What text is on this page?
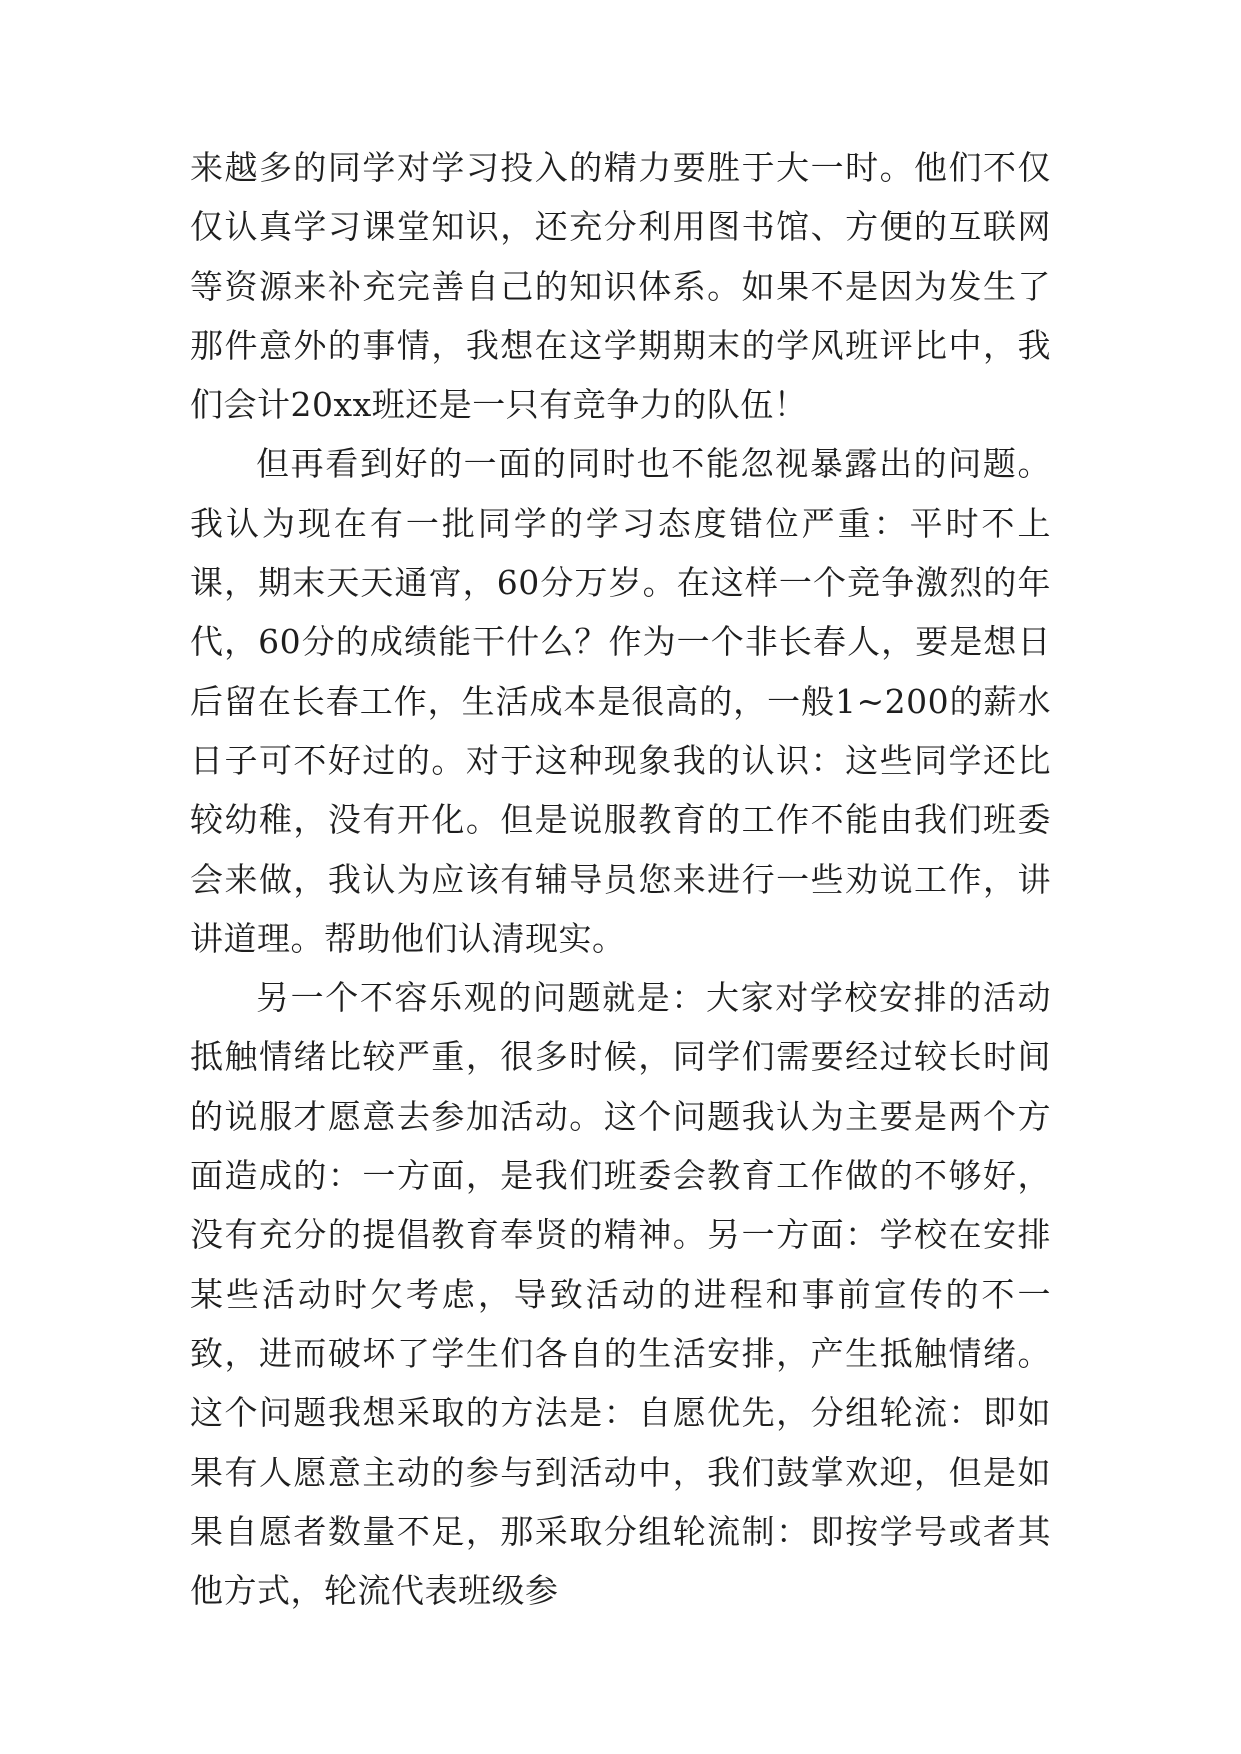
来越多的同学对学习投入的精力要胜于大一时。他们不仅仅认真学习课堂知识，还充分利用图书馆、方便的互联网等资源来补充完善自己的知识体系。如果不是因为发生了那件意外的事情，我想在这学期期末的学风班评比中，我们会计20xx班还是一只有竞争力的队伍！

但再看到好的一面的同时也不能忽视暴露出的问题。我认为现在有一批同学的学习态度错位严重：平时不上课，期末天天通宵，60分万岁。在这样一个竞争激烈的年代，60分的成绩能干什么？作为一个非长春人，要是想日后留在长春工作，生活成本是很高的，一般1~200的薪水日子可不好过的。对于这种现象我的认识：这些同学还比较幼稚，没有开化。但是说服教育的工作不能由我们班委会来做，我认为应该有辅导员您来进行一些劝说工作，讲讲道理。帮助他们认清现实。

另一个不容乐观的问题就是：大家对学校安排的活动抵触情绪比较严重，很多时候，同学们需要经过较长时间的说服才愿意去参加活动。这个问题我认为主要是两个方面造成的：一方面，是我们班委会教育工作做的不够好，没有充分的提倡教育奉贤的精神。另一方面：学校在安排某些活动时欠考虑，导致活动的进程和事前宣传的不一致，进而破坏了学生们各自的生活安排，产生抵触情绪。这个问题我想采取的方法是：自愿优先，分组轮流：即如果有人愿意主动的参与到活动中，我们鼓掌欢迎，但是如果自愿者数量不足，那采取分组轮流制：即按学号或者其他方式，轮流代表班级参
